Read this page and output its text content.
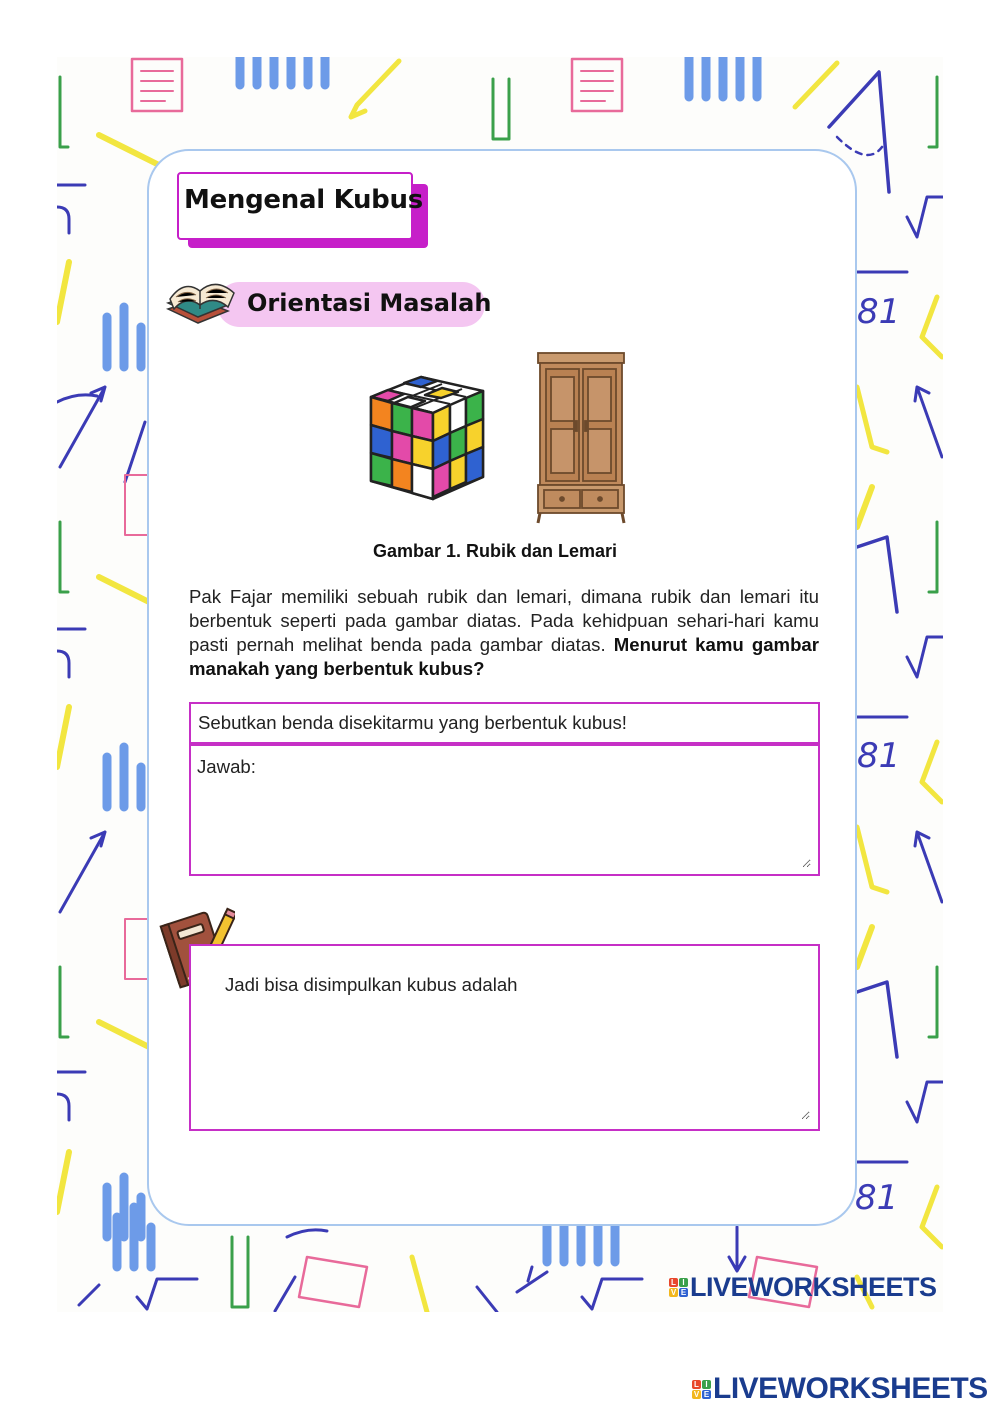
81
81
81
Mengenal Kubus
Orientasi Masalah
Gambar 1. Rubik dan Lemari
Pak Fajar memiliki sebuah rubik dan lemari, dimana rubik dan lemari itu berbentuk seperti pada gambar diatas. Pada kehidpuan sehari-hari kamu pasti pernah melihat benda pada gambar diatas. Menurut kamu gambar manakah yang berbentuk kubus?
Sebutkan benda disekitarmu yang berbentuk kubus!
Jawab:
Jadi bisa disimpulkan kubus adalah
L I
V E LIVEWORKSHEETS
L I
V E LIVEWORKSHEETS
